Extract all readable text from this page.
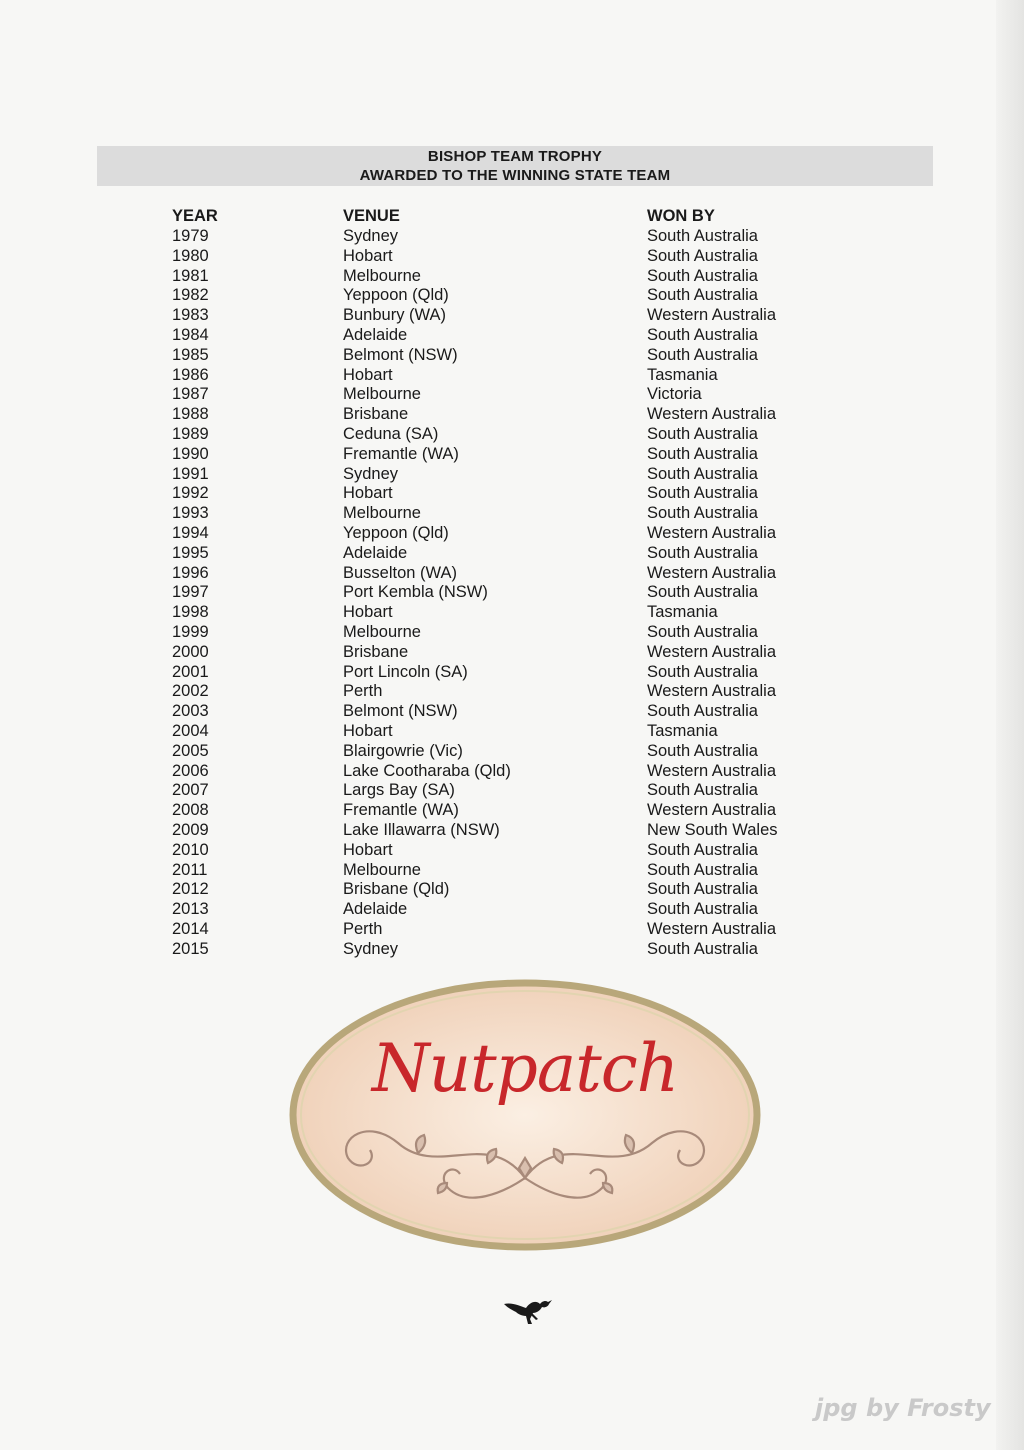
BISHOP TEAM TROPHY
AWARDED TO THE WINNING STATE TEAM
YEAR	VENUE	WON BY
1979	Sydney	South Australia
1980	Hobart	South Australia
1981	Melbourne	South Australia
1982	Yeppoon (Qld)	South Australia
1983	Bunbury (WA)	Western Australia
1984	Adelaide	South Australia
1985	Belmont (NSW)	South Australia
1986	Hobart	Tasmania
1987	Melbourne	Victoria
1988	Brisbane	Western Australia
1989	Ceduna (SA)	South Australia
1990	Fremantle (WA)	South Australia
1991	Sydney	South Australia
1992	Hobart	South Australia
1993	Melbourne	South Australia
1994	Yeppoon (Qld)	Western Australia
1995	Adelaide	South Australia
1996	Busselton (WA)	Western Australia
1997	Port Kembla (NSW)	South Australia
1998	Hobart	Tasmania
1999	Melbourne	South Australia
2000	Brisbane	Western Australia
2001	Port Lincoln (SA)	South Australia
2002	Perth	Western Australia
2003	Belmont (NSW)	South Australia
2004	Hobart	Tasmania
2005	Blairgowrie (Vic)	South Australia
2006	Lake Cootharaba (Qld)	Western Australia
2007	Largs Bay (SA)	South Australia
2008	Fremantle (WA)	Western Australia
2009	Lake Illawarra (NSW)	New South Wales
2010	Hobart	South Australia
2011	Melbourne	South Australia
2012	Brisbane (Qld)	South Australia
2013	Adelaide	South Australia
2014	Perth	Western Australia
2015	Sydney	South Australia
Nutpatch
jpg by Frosty
